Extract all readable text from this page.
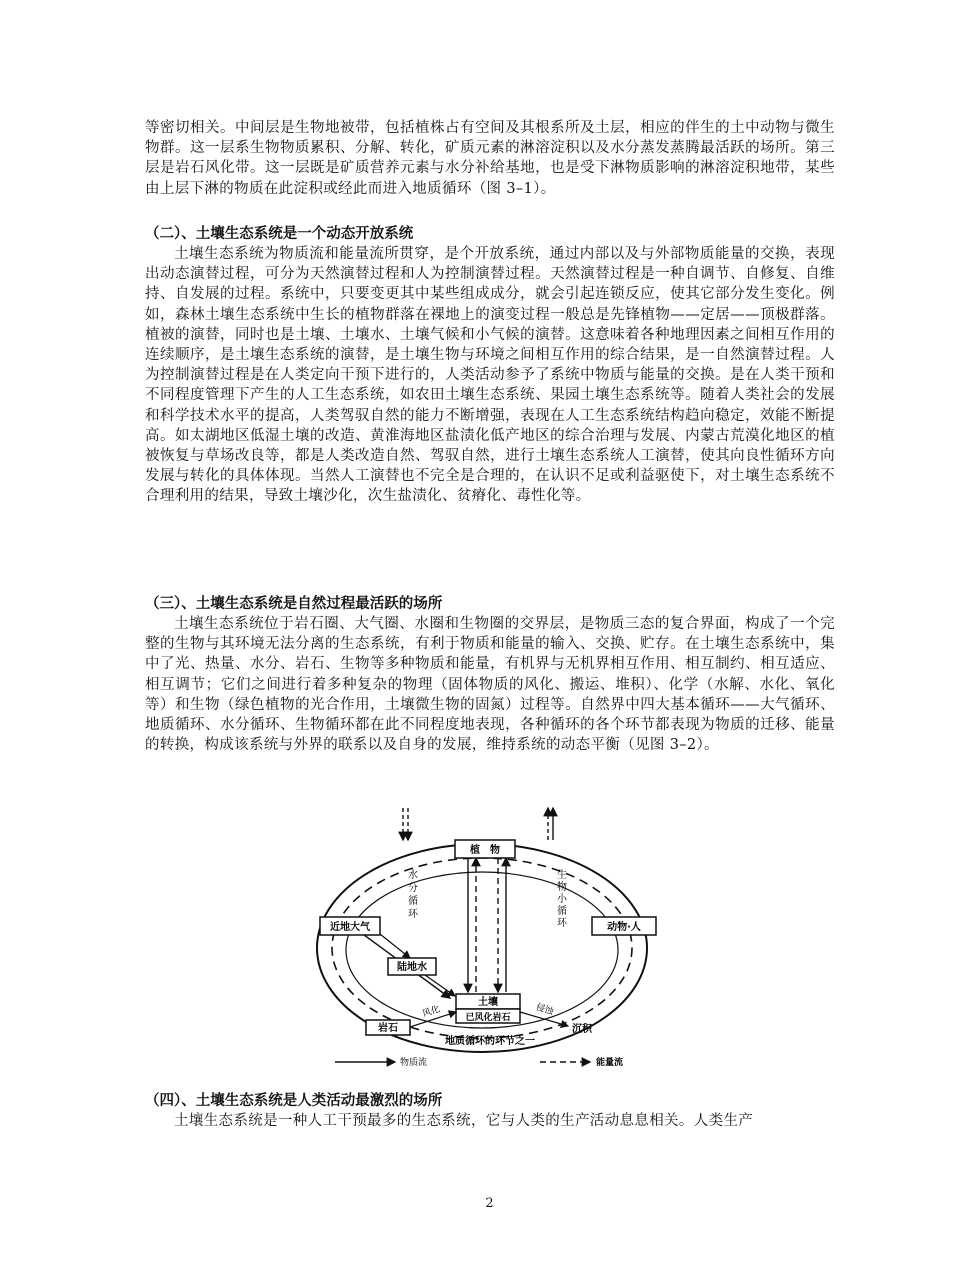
等密切相关。中间层是生物地被带，包括植株占有空间及其根系所及土层，相应的伴生的土中动物与微生物群。这一层系生物物质累积、分解、转化，矿质元素的淋溶淀积以及水分蒸发蒸腾最活跃的场所。第三层是岩石风化带。这一层既是矿质营养元素与水分补给基地，也是受下淋物质影响的淋溶淀积地带，某些由上层下淋的物质在此淀积或经此而进入地质循环（图 3–1）。

（二）、土壤生态系统是一个动态开放系统

土壤生态系统为物质流和能量流所贯穿，是个开放系统，通过内部以及与外部物质能量的交换，表现出动态演替过程，可分为天然演替过程和人为控制演替过程。天然演替过程是一种自调节、自修复、自维持、自发展的过程。系统中，只要变更其中某些组成成分，就会引起连锁反应，使其它部分发生变化。例如，森林土壤生态系统中生长的植物群落在裸地上的演变过程一般总是先锋植物——定居——顶极群落。植被的演替，同时也是土壤、土壤水、土壤气候和小气候的演替。这意味着各种地理因素之间相互作用的连续顺序，是土壤生态系统的演替，是土壤生物与环境之间相互作用的综合结果，是一自然演替过程。人为控制演替过程是在人类定向干预下进行的，人类活动参予了系统中物质与能量的交换。是在人类干预和不同程度管理下产生的人工生态系统，如农田土壤生态系统、果园土壤生态系统等。随着人类社会的发展和科学技术水平的提高，人类驾驭自然的能力不断增强，表现在人工生态系统结构趋向稳定，效能不断提高。如太湖地区低湿土壤的改造、黄淮海地区盐渍化低产地区的综合治理与发展、内蒙古荒漠化地区的植被恢复与草场改良等，都是人类改造自然、驾驭自然，进行土壤生态系统人工演替，使其向良性循环方向发展与转化的具体体现。当然人工演替也不完全是合理的，在认识不足或利益驱使下，对土壤生态系统不合理利用的结果，导致土壤沙化，次生盐渍化、贫瘠化、毒性化等。

（三）、土壤生态系统是自然过程最活跃的场所

土壤生态系统位于岩石圈、大气圈、水圈和生物圈的交界层，是物质三态的复合界面，构成了一个完整的生物与其环境无法分离的生态系统，有利于物质和能量的输入、交换、贮存。在土壤生态系统中，集中了光、热量、水分、岩石、生物等多种物质和能量，有机界与无机界相互作用、相互制约、相互适应、相互调节；它们之间进行着多种复杂的物理（固体物质的风化、搬运、堆积）、化学（水解、水化、氧化等）和生物（绿色植物的光合作用，土壤微生物的固氮）过程等。自然界中四大基本循环——大气循环、地质循环、水分循环、生物循环都在此不同程度地表现，各种循环的各个环节都表现为物质的迁移、能量的转换，构成该系统与外界的联系以及自身的发展，维持系统的动态平衡（见图 3–2）。

植　物
近地大气	动物·人
陆地水
土壤
已风化岩石
岩石
水分循环
生物小循环
风化	侵蚀
沉积
地质循环的环节之一
物质流	能量流

（四）、土壤生态系统是人类活动最激烈的场所

土壤生态系统是一种人工干预最多的生态系统，它与人类的生产活动息息相关。人类生产

2
